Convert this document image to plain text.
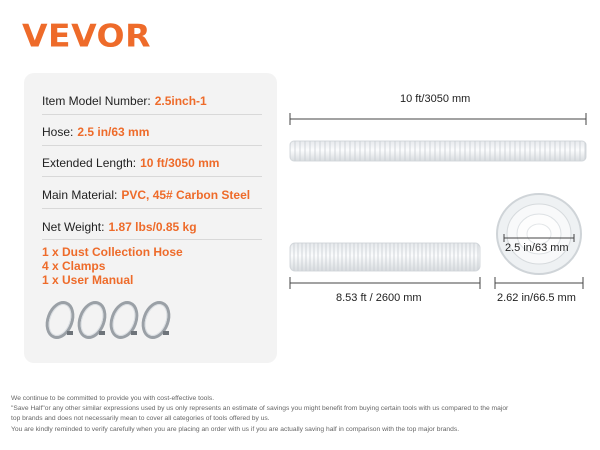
VEVOR
Item Model Number: 2.5inch-1
Hose: 2.5 in/63 mm
Extended Length: 10 ft/3050 mm
Main Material: PVC, 45# Carbon Steel
Net Weight: 1.87 lbs/0.85 kg
1 x Dust Collection Hose
4 x Clamps
1 x User Manual
10 ft/3050 mm
8.53 ft / 2600 mm
2.5 in/63 mm
2.62 in/66.5 mm
We continue to be committed to provide you with cost-effective tools.
"Save Half"or any other similar expressions used by us only represents an estimate of savings you might benefit from buying certain tools with us compared to the major
top brands and does not necessarily mean to cover all categories of tools offered by us.
You are kindly reminded to verify carefully when you are placing an order with us if you are actually saving half in comparison with the top major brands.
